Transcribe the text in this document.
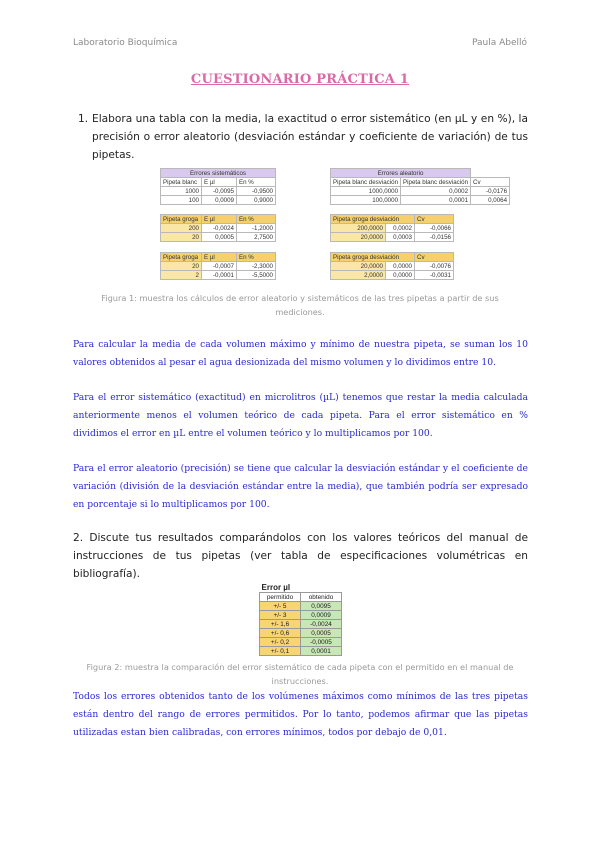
Laboratorio Bioquímica	Paula Abelló
CUESTIONARIO PRÁCTICA 1
1. Elabora una tabla con la media, la exactitud o error sistemático (en µL y en %), la precisión o error aleatorio (desviación estándar y coeficiente de variación) de tus pipetas.
Errores sistemáticos		
Pipeta blanc	E µl	En %
1000	-0,0095	-0,9500
100	0,0009	0,9000
Errores aleatorio		
Pipeta blanc desviación	Pipeta blanc desviación	Cv
1000,0000	0,0002	-0,0176
100,0000	0,0001	0,0064
Pipeta groga	E µl	En %
200	-0,0024	-1,2000
20	0,0005	2,7500
Pipeta groga desviación		Cv
200,0000	0,0002	-0,0066
20,0000	0,0003	-0,0156
Pipeta groga	E µl	En %
20	-0,0007	-2,3000
2	-0,0001	-5,5000
Pipeta groga desviación		Cv
20,0000	0,0000	-0,0076
2,0000	0,0000	-0,0031
Figura 1: muestra los cálculos de error aleatorio y sistemáticos de las tres pipetas a partir de sus mediciones.
Para calcular la media de cada volumen máximo y mínimo de nuestra pipeta, se suman los 10 valores obtenidos al pesar el agua desionizada del mismo volumen y lo dividimos entre 10.
Para el error sistemático (exactitud) en microlitros (µL) tenemos que restar la media calculada anteriormente menos el volumen teórico de cada pipeta. Para el error sistemático en % dividimos el error en µL entre el volumen teórico y lo multiplicamos por 100.
Para el error aleatorio (precisión) se tiene que calcular la desviación estándar y el coeficiente de variación (división de la desviación estándar entre la media), que también podría ser expresado en porcentaje si lo multiplicamos por 100.
2. Discute tus resultados comparándolos con los valores teóricos del manual de instrucciones de tus pipetas (ver tabla de especificaciones volumétricas en bibliografía).
Error µl	
permitido	obtenido
+/- 5	0,0095
+/- 3	0,0009
+/- 1,6	-0,0024
+/- 0,6	0,0005
+/- 0,2	-0,0005
+/- 0,1	0,0001
Figura 2: muestra la comparación del error sistemático de cada pipeta con el permitido en el manual de instrucciones.
Todos los errores obtenidos tanto de los volúmenes máximos como mínimos de las tres pipetas están dentro del rango de errores permitidos. Por lo tanto, podemos afirmar que las pipetas utilizadas estan bien calibradas, con errores mínimos, todos por debajo de 0,01.
